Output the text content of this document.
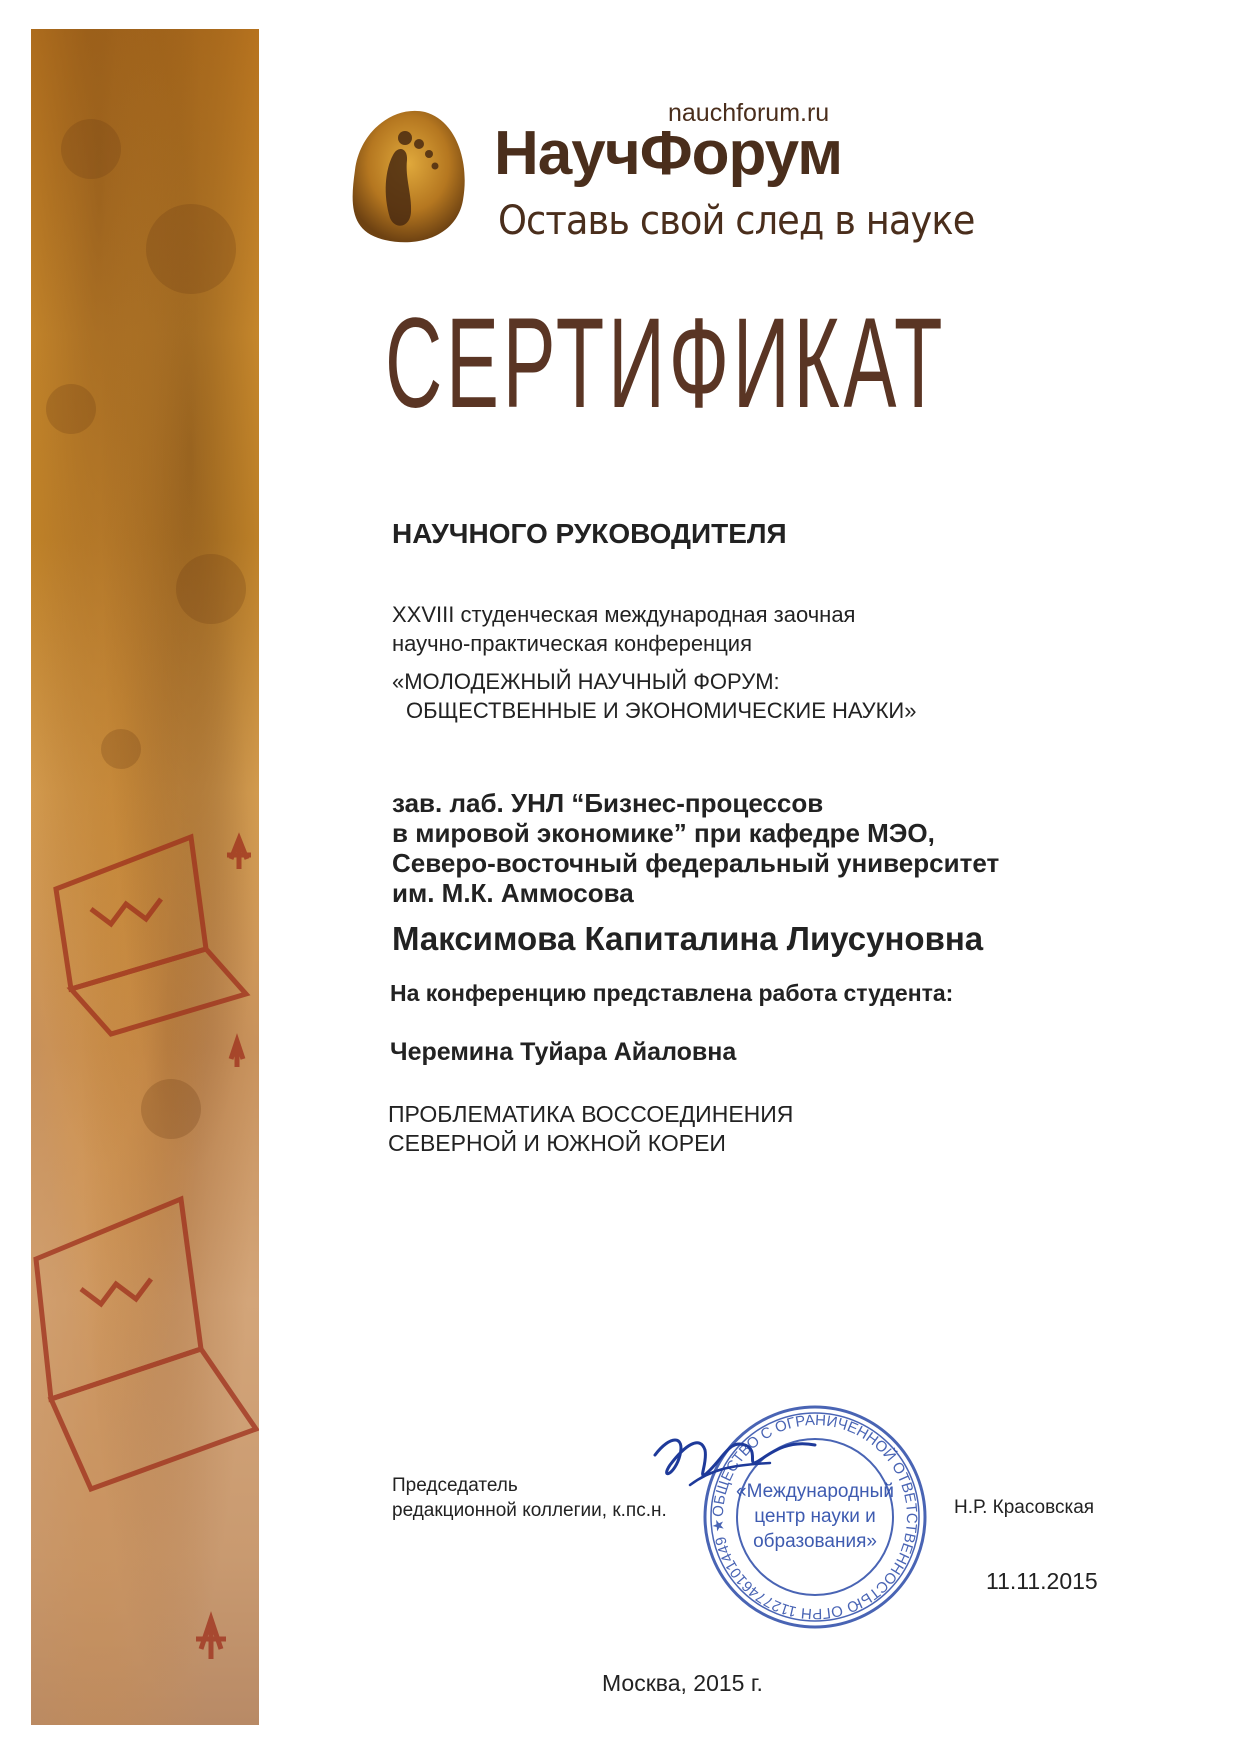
nauchforum.ru
НаучФорум
Оставь свой след в науке
СЕРТИФИКАТ
НАУЧНОГО РУКОВОДИТЕЛЯ
XXVIII студенческая международная заочная
научно-практическая конференция
«МОЛОДЕЖНЫЙ НАУЧНЫЙ ФОРУМ:
ОБЩЕСТВЕННЫЕ И ЭКОНОМИЧЕСКИЕ НАУКИ»
зав. лаб. УНЛ “Бизнес-процессов
в мировой экономике” при кафедре МЭО,
Северо-восточный федеральный университет
им. М.К. Аммосова
Максимова Капиталина Лиусуновна
На конференцию представлена работа студента:
Черемина Туйара Айаловна
ПРОБЛЕМАТИКА ВОССОЕДИНЕНИЯ
СЕВЕРНОЙ И ЮЖНОЙ КОРЕИ
Председатель
редакционной коллегии, к.пс.н.	ОБЩЕСТВО С ОГРАНИЧЕННОЙ ОТВЕТСТВЕННОСТЬЮ ОГРН 1127746101449 ★
«Международный
центр науки и
образования»
Н.Р. Красовская
11.11.2015
Москва, 2015 г.
